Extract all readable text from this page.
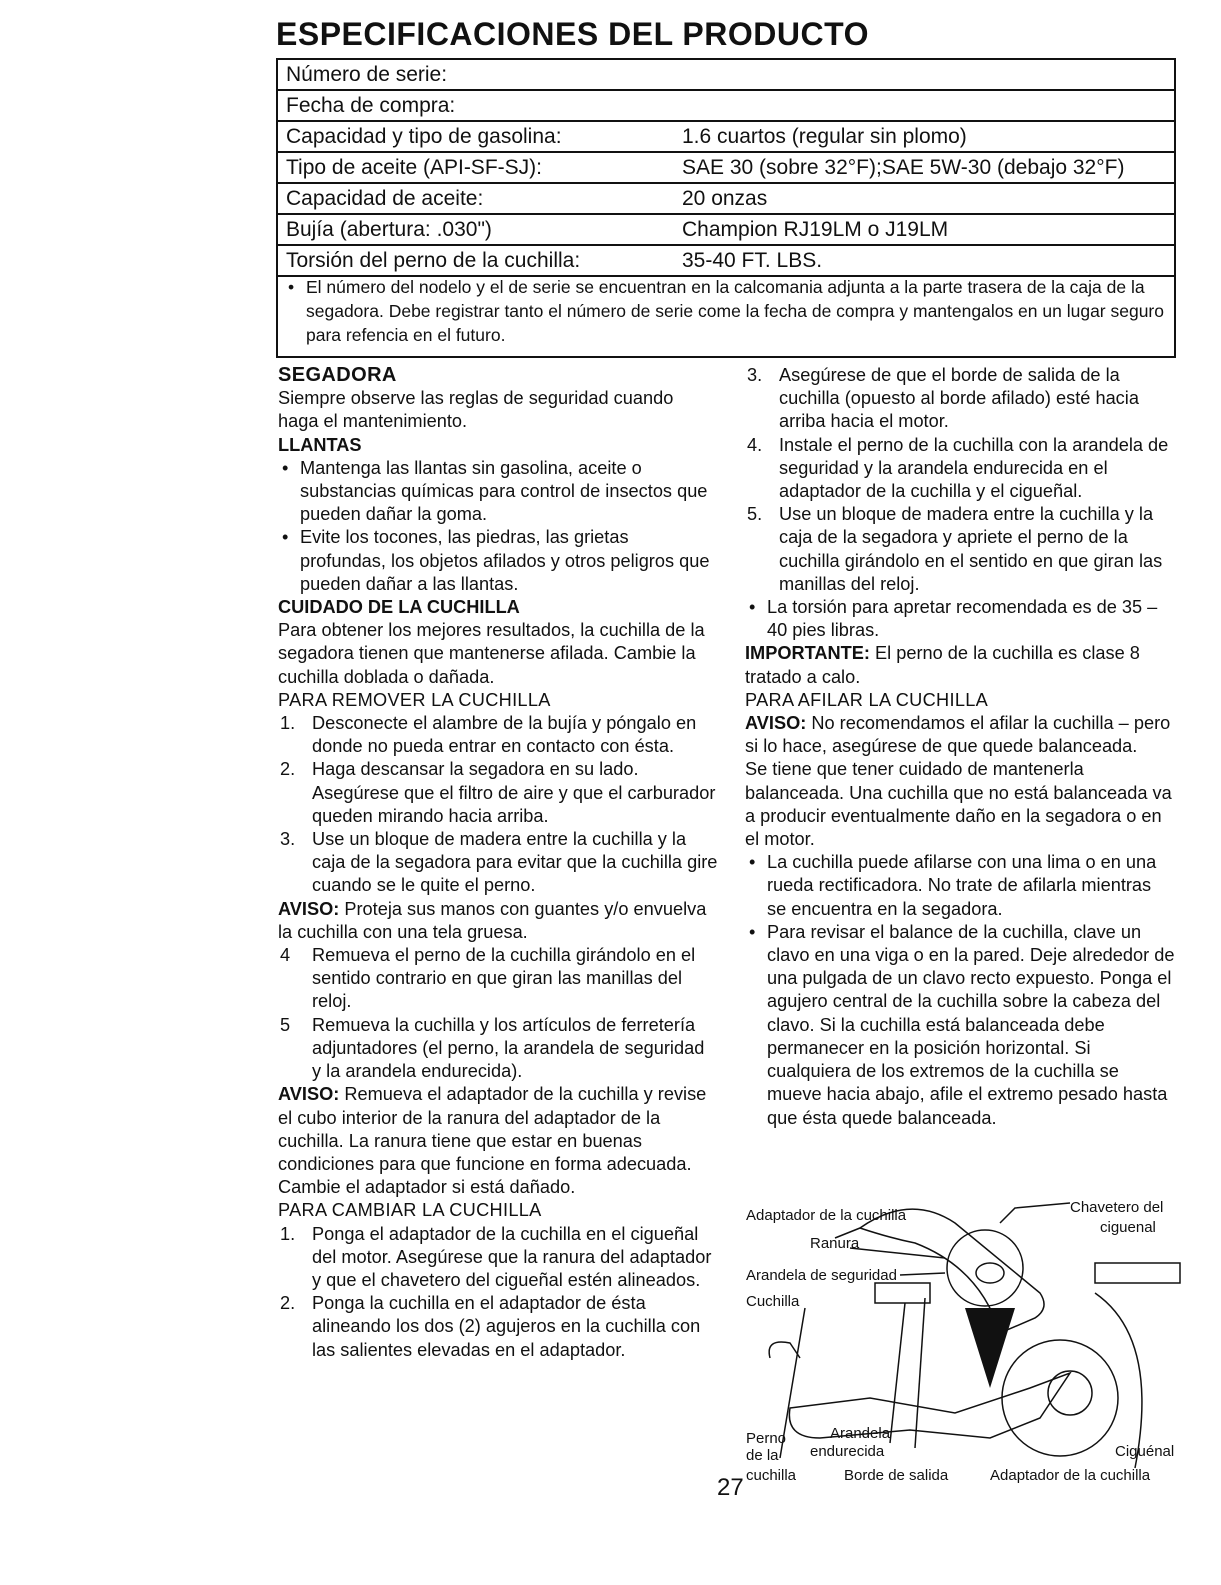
ESPECIFICACIONES DEL PRODUCTO
Número de serie:
Fecha de compra:
Capacidad y tipo de gasolina:	1.6 cuartos (regular sin plomo)
Tipo de aceite (API-SF-SJ):	SAE 30 (sobre 32°F);SAE 5W-30 (debajo 32°F)
Capacidad de aceite:	20 onzas
Bujía (abertura: .030")	Champion RJ19LM o J19LM
Torsión del perno de la cuchilla:	35-40 FT. LBS.
• El número del nodelo y el de serie se encuentran en la calcomania adjunta a la parte trasera de la caja de la segadora. Debe registrar tanto el número de serie come la fecha de compra y mantengalos en un lugar seguro para refencia en el futuro.

SEGADORA

Siempre observe las reglas de seguridad cuando haga el mantenimiento.

LLANTAS

• Mantenga las llantas sin gasolina, aceite o substancias químicas para control de insectos que pueden dañar la goma.
• Evite los tocones, las piedras, las grietas profundas, los objetos afilados y otros peligros que pueden dañar a las llantas.

CUIDADO DE LA CUCHILLA

Para obtener los mejores resultados, la cuchilla de la segadora tienen que mantenerse afilada. Cambie la cuchilla doblada o dañada.

PARA REMOVER LA CUCHILLA

1. Desconecte el alambre de la bujía y póngalo en donde no pueda entrar en contacto con ésta.
2. Haga descansar la segadora en su lado. Asegúrese que el filtro de aire y que el carburador queden mirando hacia arriba.
3. Use un bloque de madera entre la cuchilla y la caja de la segadora para evitar que la cuchilla gire cuando se le quite el perno.

AVISO: Proteja sus manos con guantes y/o envuelva la cuchilla con una tela gruesa.

4 Remueva el perno de la cuchilla girándolo en el sentido contrario en que giran las manillas del reloj.
5 Remueva la cuchilla y los artículos de ferretería adjuntadores (el perno, la arandela de seguridad y la arandela endurecida).

AVISO: Remueva el adaptador de la cuchilla y revise el cubo interior de la ranura del adaptador de la cuchilla. La ranura tiene que estar en buenas condiciones para que funcione en forma adecuada. Cambie el adaptador si está dañado.

PARA CAMBIAR LA CUCHILLA

1. Ponga el adaptador de la cuchilla en el cigueñal del motor. Asegúrese que la ranura del adaptador y que el chavetero del cigueñal estén alineados.
2. Ponga la cuchilla en el adaptador de ésta alineando los dos (2) agujeros en la cuchilla con las salientes elevadas en el adaptador.
3. Asegúrese de que el borde de salida de la cuchilla (opuesto al borde afilado) esté hacia arriba hacia el motor.
4. Instale el perno de la cuchilla con la arandela de seguridad y la arandela endurecida en el adaptador de la cuchilla y el cigueñal.
5. Use un bloque de madera entre la cuchilla y la caja de la segadora y apriete el perno de la cuchilla girándolo en el sentido en que giran las manillas del reloj.
• La torsión para apretar recomendada es de 35 – 40 pies libras.

IMPORTANTE: El perno de la cuchilla es clase 8 tratado a calo.

PARA AFILAR LA CUCHILLA

AVISO: No recomendamos el afilar la cuchilla – pero si lo hace, asegúrese de que quede balanceada.

Se tiene que tener cuidado de mantenerla balanceada. Una cuchilla que no está balanceada va a producir eventualmente daño en la segadora o en el motor.

• La cuchilla puede afilarse con una lima o en una rueda rectificadora. No trate de afilarla mientras se encuentra en la segadora.
• Para revisar el balance de la cuchilla, clave un clavo en una viga o en la pared. Deje alrededor de una pulgada de un clavo recto expuesto. Ponga el agujero central de la cuchilla sobre la cabeza del clavo. Si la cuchilla está balanceada debe permanecer en la posición horizontal. Si cualquiera de los extremos de la cuchilla se mueve hacia abajo, afile el extremo pesado hasta que ésta quede balanceada.
Adaptador de la cuchilla	Chavetero del
ciguenal
Ranura
Arandela de seguridad
Cuchilla
Perno
de la
cuchilla
Arandela
endurecida	Ciguénal
Borde de salida	Adaptador de la cuchilla
27
